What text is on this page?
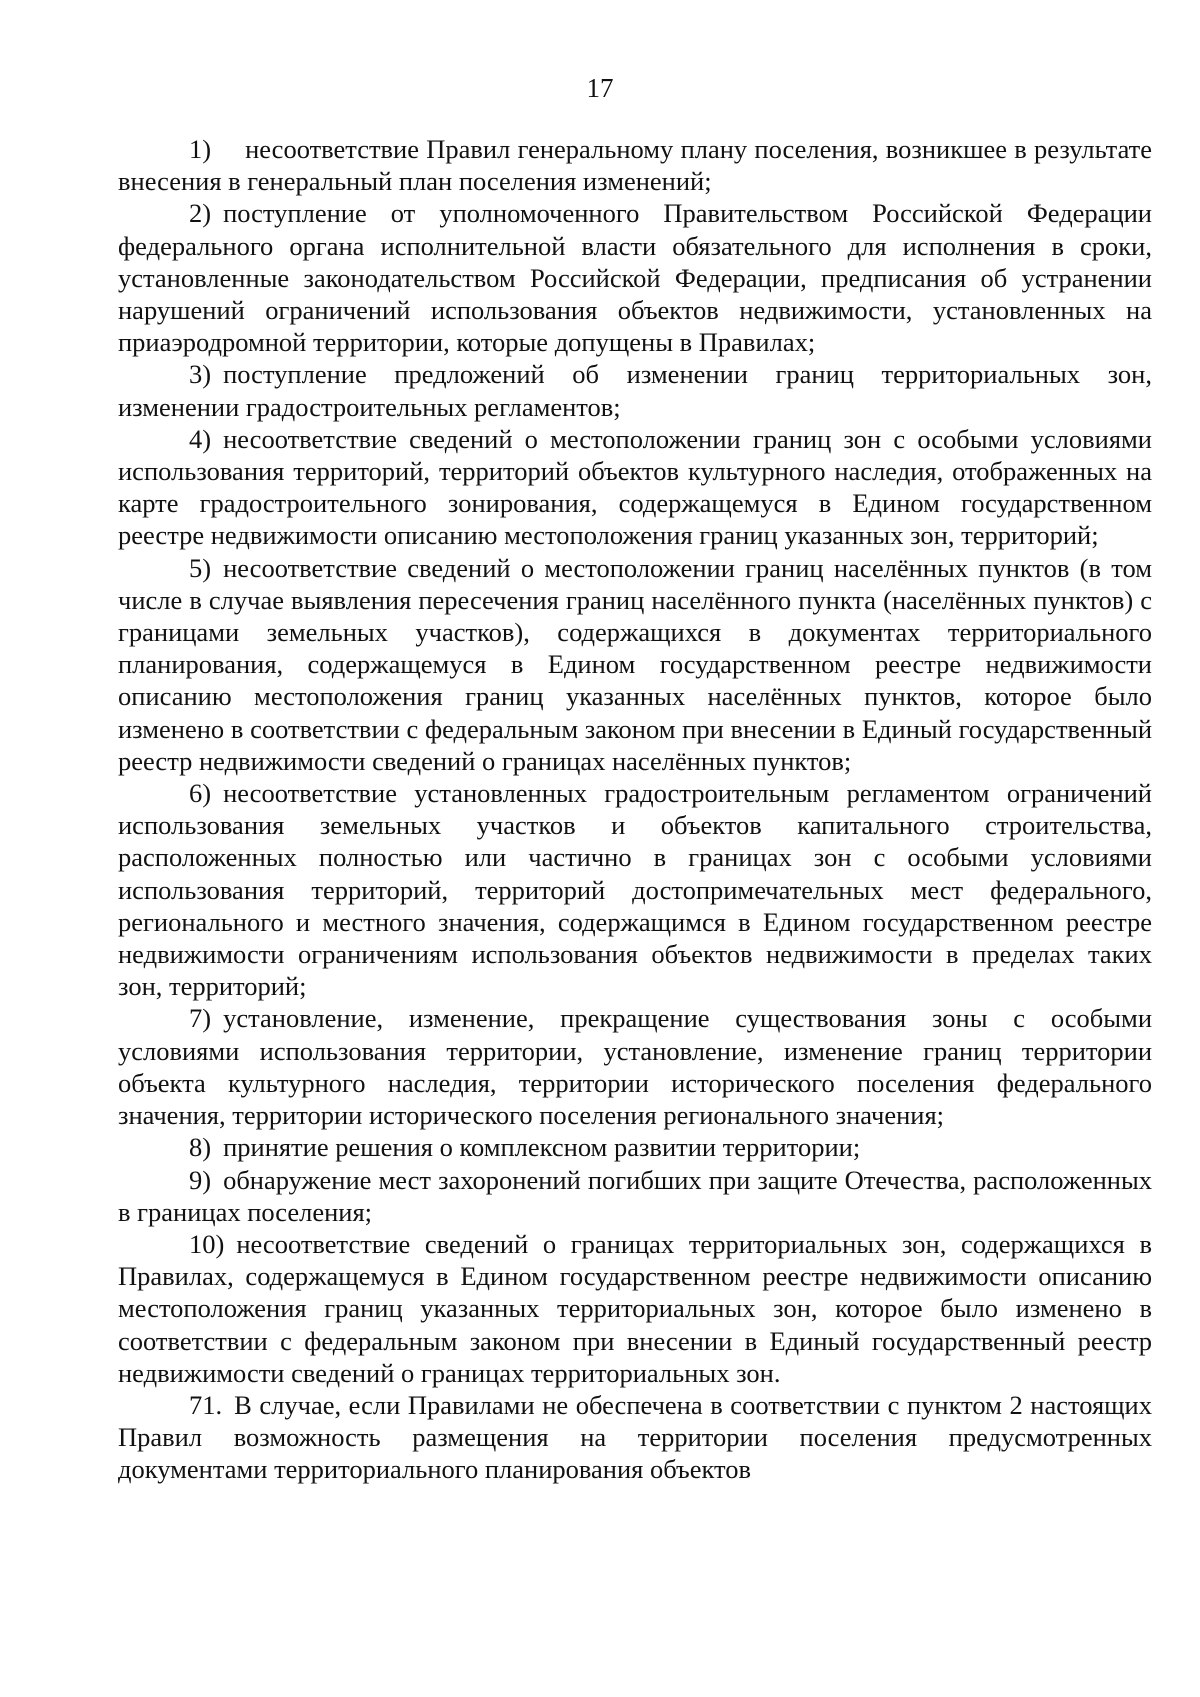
17

1) несоответствие Правил генеральному плану поселения, возникшее в результате внесения в генеральный план поселения изменений;

2) поступление от уполномоченного Правительством Российской Федерации федерального органа исполнительной власти обязательного для исполнения в сроки, установленные законодательством Российской Федерации, предписания об устранении нарушений ограничений использования объектов недвижимости, установленных на приаэродромной территории, которые допущены в Правилах;

3) поступление предложений об изменении границ территориальных зон, изменении градостроительных регламентов;

4) несоответствие сведений о местоположении границ зон с особыми условиями использования территорий, территорий объектов культурного наследия, отображенных на карте градостроительного зонирования, содержащемуся в Едином государственном реестре недвижимости описанию местоположения границ указанных зон, территорий;

5) несоответствие сведений о местоположении границ населённых пунктов (в том числе в случае выявления пересечения границ населённого пункта (населённых пунктов) с границами земельных участков), содержащихся в документах территориального планирования, содержащемуся в Едином государственном реестре недвижимости описанию местоположения границ указанных населённых пунктов, которое было изменено в соответствии с федеральным законом при внесении в Единый государственный реестр недвижимости сведений о границах населённых пунктов;

6) несоответствие установленных градостроительным регламентом ограничений использования земельных участков и объектов капитального строительства, расположенных полностью или частично в границах зон с особыми условиями использования территорий, территорий достопримечательных мест федерального, регионального и местного значения, содержащимся в Едином государственном реестре недвижимости ограничениям использования объектов недвижимости в пределах таких зон, территорий;

7) установление, изменение, прекращение существования зоны с особыми условиями использования территории, установление, изменение границ территории объекта культурного наследия, территории исторического поселения федерального значения, территории исторического поселения регионального значения;

8) принятие решения о комплексном развитии территории;

9) обнаружение мест захоронений погибших при защите Отечества, расположенных в границах поселения;

10) несоответствие сведений о границах территориальных зон, содержащихся в Правилах, содержащемуся в Едином государственном реестре недвижимости описанию местоположения границ указанных территориальных зон, которое было изменено в соответствии с федеральным законом при внесении в Единый государственный реестр недвижимости сведений о границах территориальных зон.

71. В случае, если Правилами не обеспечена в соответствии с пунктом 2 настоящих Правил возможность размещения на территории поселения предусмотренных документами территориального планирования объектов
